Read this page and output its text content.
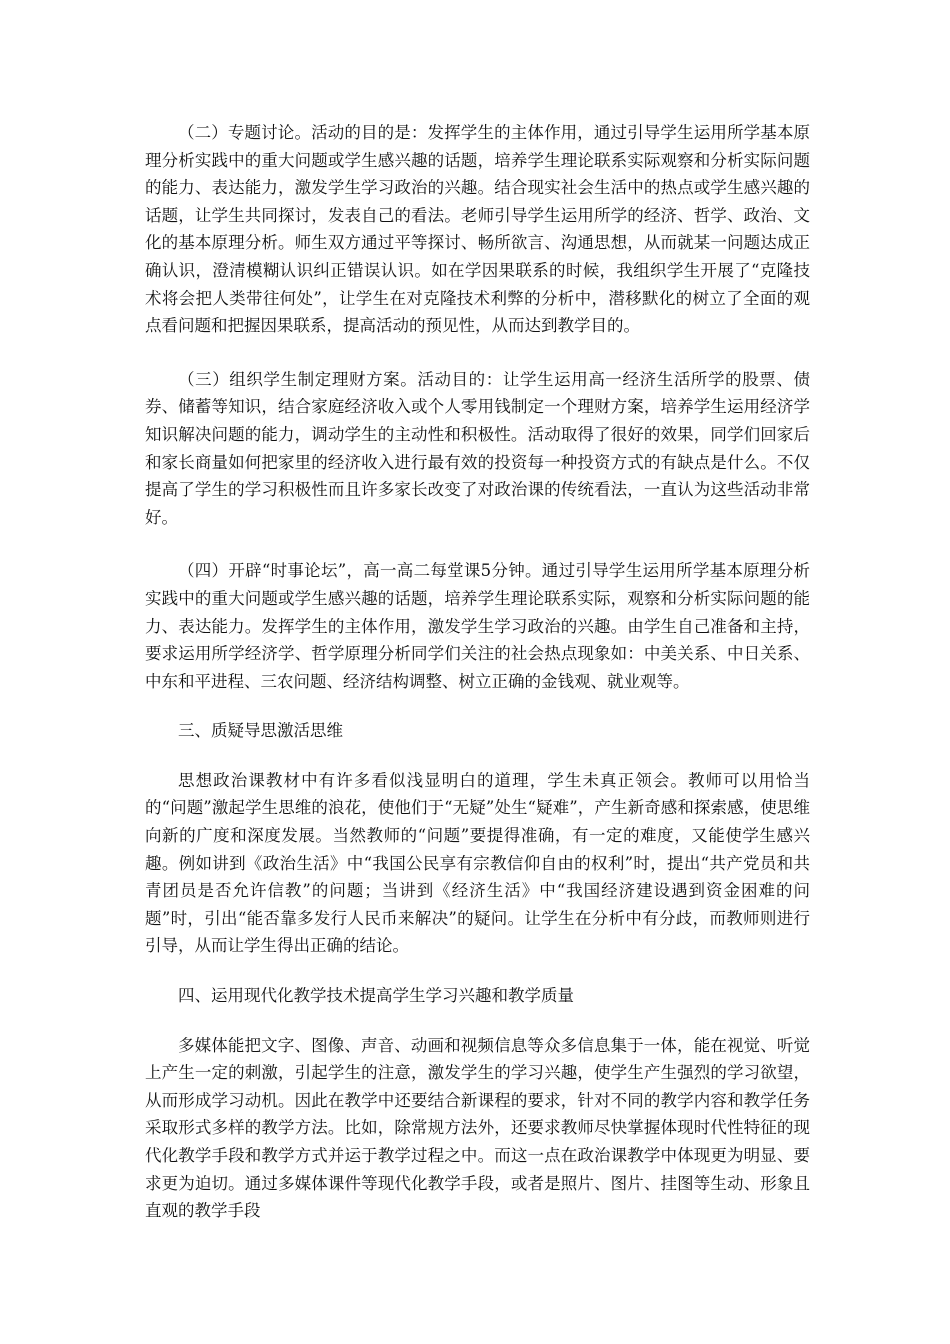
（二）专题讨论。活动的目的是：发挥学生的主体作用，通过引导学生运用所学基本原理分析实践中的重大问题或学生感兴趣的话题，培养学生理论联系实际观察和分析实际问题的能力、表达能力，激发学生学习政治的兴趣。结合现实社会生活中的热点或学生感兴趣的话题，让学生共同探讨，发表自己的看法。老师引导学生运用所学的经济、哲学、政治、文化的基本原理分析。师生双方通过平等探讨、畅所欲言、沟通思想，从而就某一问题达成正确认识，澄清模糊认识纠正错误认识。如在学因果联系的时候，我组织学生开展了“克隆技术将会把人类带往何处”，让学生在对克隆技术利弊的分析中，潜移默化的树立了全面的观点看问题和把握因果联系，提高活动的预见性，从而达到教学目的。

（三）组织学生制定理财方案。活动目的：让学生运用高一经济生活所学的股票、债券、储蓄等知识，结合家庭经济收入或个人零用钱制定一个理财方案，培养学生运用经济学知识解决问题的能力，调动学生的主动性和积极性。活动取得了很好的效果，同学们回家后和家长商量如何把家里的经济收入进行最有效的投资每一种投资方式的有缺点是什么。不仅提高了学生的学习积极性而且许多家长改变了对政治课的传统看法，一直认为这些活动非常好。

（四）开辟“时事论坛”，高一高二每堂课5分钟。通过引导学生运用所学基本原理分析实践中的重大问题或学生感兴趣的话题，培养学生理论联系实际，观察和分析实际问题的能力、表达能力。发挥学生的主体作用，激发学生学习政治的兴趣。由学生自己准备和主持，要求运用所学经济学、哲学原理分析同学们关注的社会热点现象如：中美关系、中日关系、中东和平进程、三农问题、经济结构调整、树立正确的金钱观、就业观等。

三、质疑导思激活思维

思想政治课教材中有许多看似浅显明白的道理，学生未真正领会。教师可以用恰当的“问题”激起学生思维的浪花，使他们于“无疑”处生“疑难”，产生新奇感和探索感，使思维向新的广度和深度发展。当然教师的“问题”要提得准确，有一定的难度，又能使学生感兴趣。例如讲到《政治生活》中“我国公民享有宗教信仰自由的权利”时，提出“共产党员和共青团员是否允许信教”的问题；当讲到《经济生活》中“我国经济建设遇到资金困难的问题”时，引出“能否靠多发行人民币来解决”的疑问。让学生在分析中有分歧，而教师则进行引导，从而让学生得出正确的结论。

四、运用现代化教学技术提高学生学习兴趣和教学质量

多媒体能把文字、图像、声音、动画和视频信息等众多信息集于一体，能在视觉、听觉上产生一定的刺激，引起学生的注意，激发学生的学习兴趣，使学生产生强烈的学习欲望，从而形成学习动机。因此在教学中还要结合新课程的要求，针对不同的教学内容和教学任务采取形式多样的教学方法。比如，除常规方法外，还要求教师尽快掌握体现时代性特征的现代化教学手段和教学方式并运于教学过程之中。而这一点在政治课教学中体现更为明显、要求更为迫切。通过多媒体课件等现代化教学手段，或者是照片、图片、挂图等生动、形象且直观的教学手段
